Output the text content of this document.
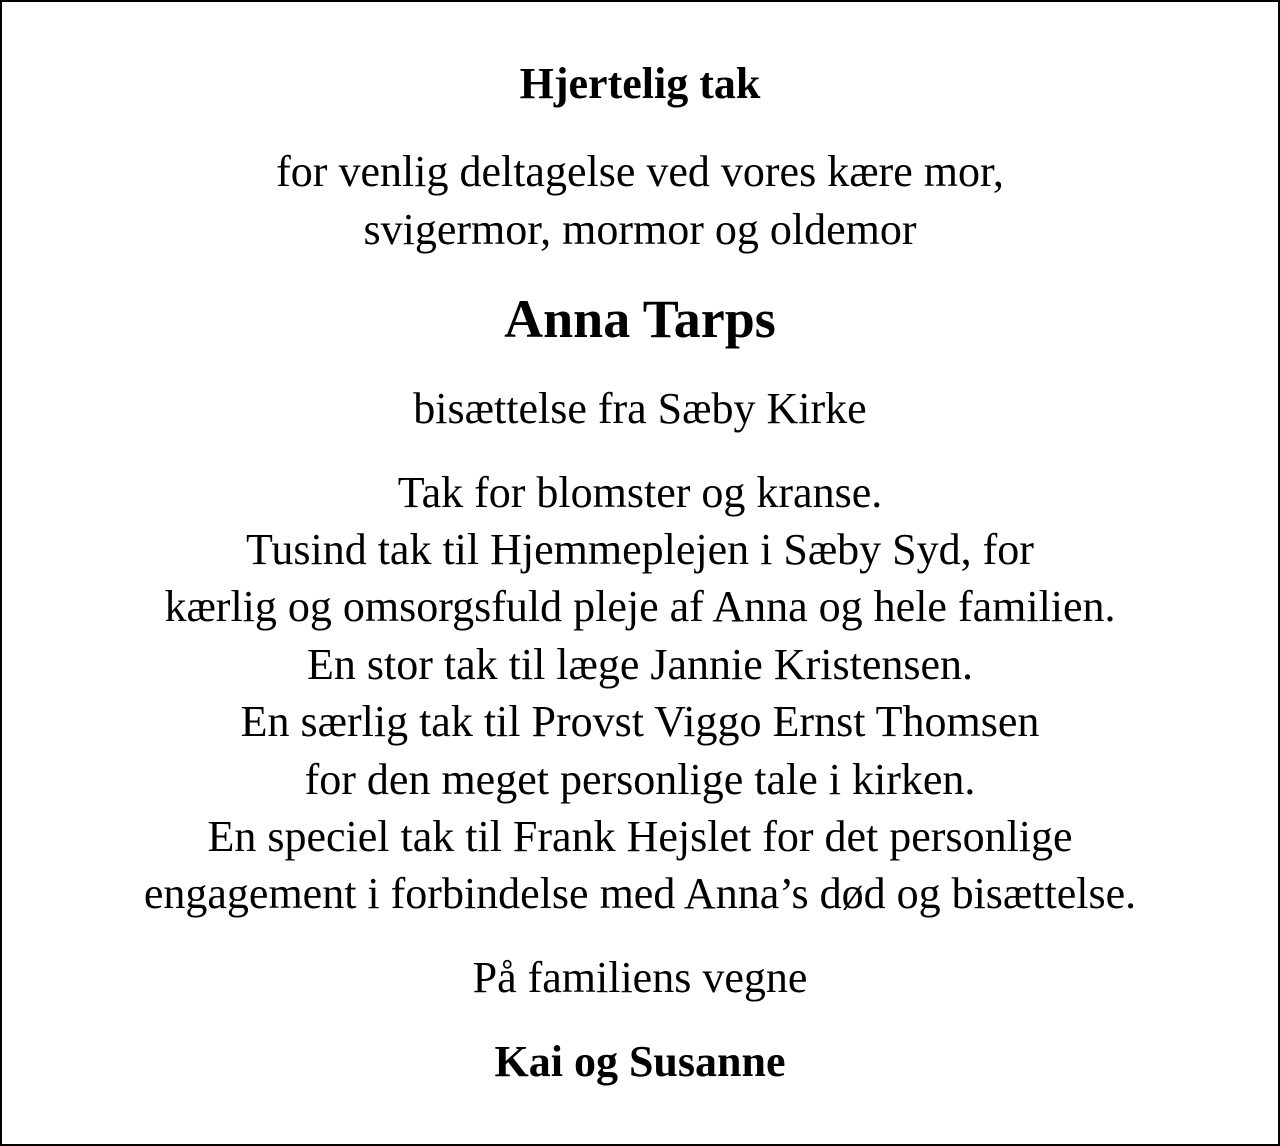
Hjertelig tak
for venlig deltagelse ved vores kære mor,
svigermor, mormor og oldemor
Anna Tarps
bisættelse fra Sæby Kirke
Tak for blomster og kranse.
Tusind tak til Hjemmeplejen i Sæby Syd, for
kærlig og omsorgsfuld pleje af Anna og hele familien.
En stor tak til læge Jannie Kristensen.
En særlig tak til Provst Viggo Ernst Thomsen
for den meget personlige tale i kirken.
En speciel tak til Frank Hejslet for det personlige
engagement i forbindelse med Anna’s død og bisættelse.
På familiens vegne
Kai og Susanne
